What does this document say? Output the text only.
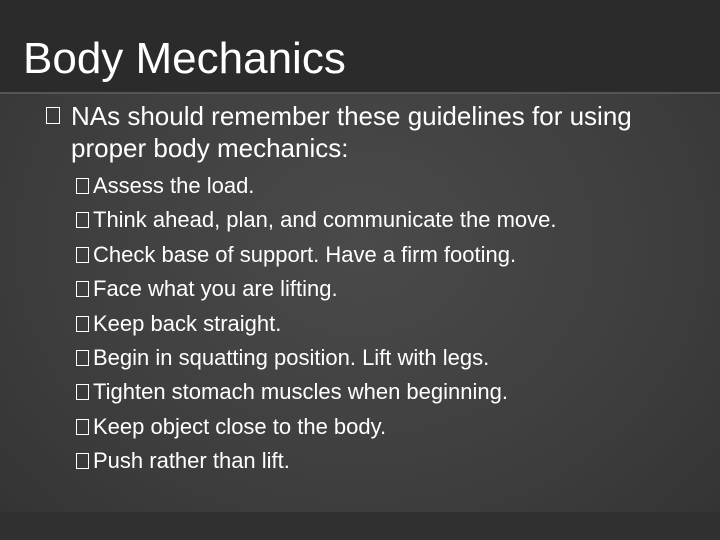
Body Mechanics
NAs should remember these guidelines for using proper body mechanics:
Assess the load.
Think ahead, plan, and communicate the move.
Check base of support. Have a firm footing.
Face what you are lifting.
Keep back straight.
Begin in squatting position. Lift with legs.
Tighten stomach muscles when beginning.
Keep object close to the body.
Push rather than lift.
